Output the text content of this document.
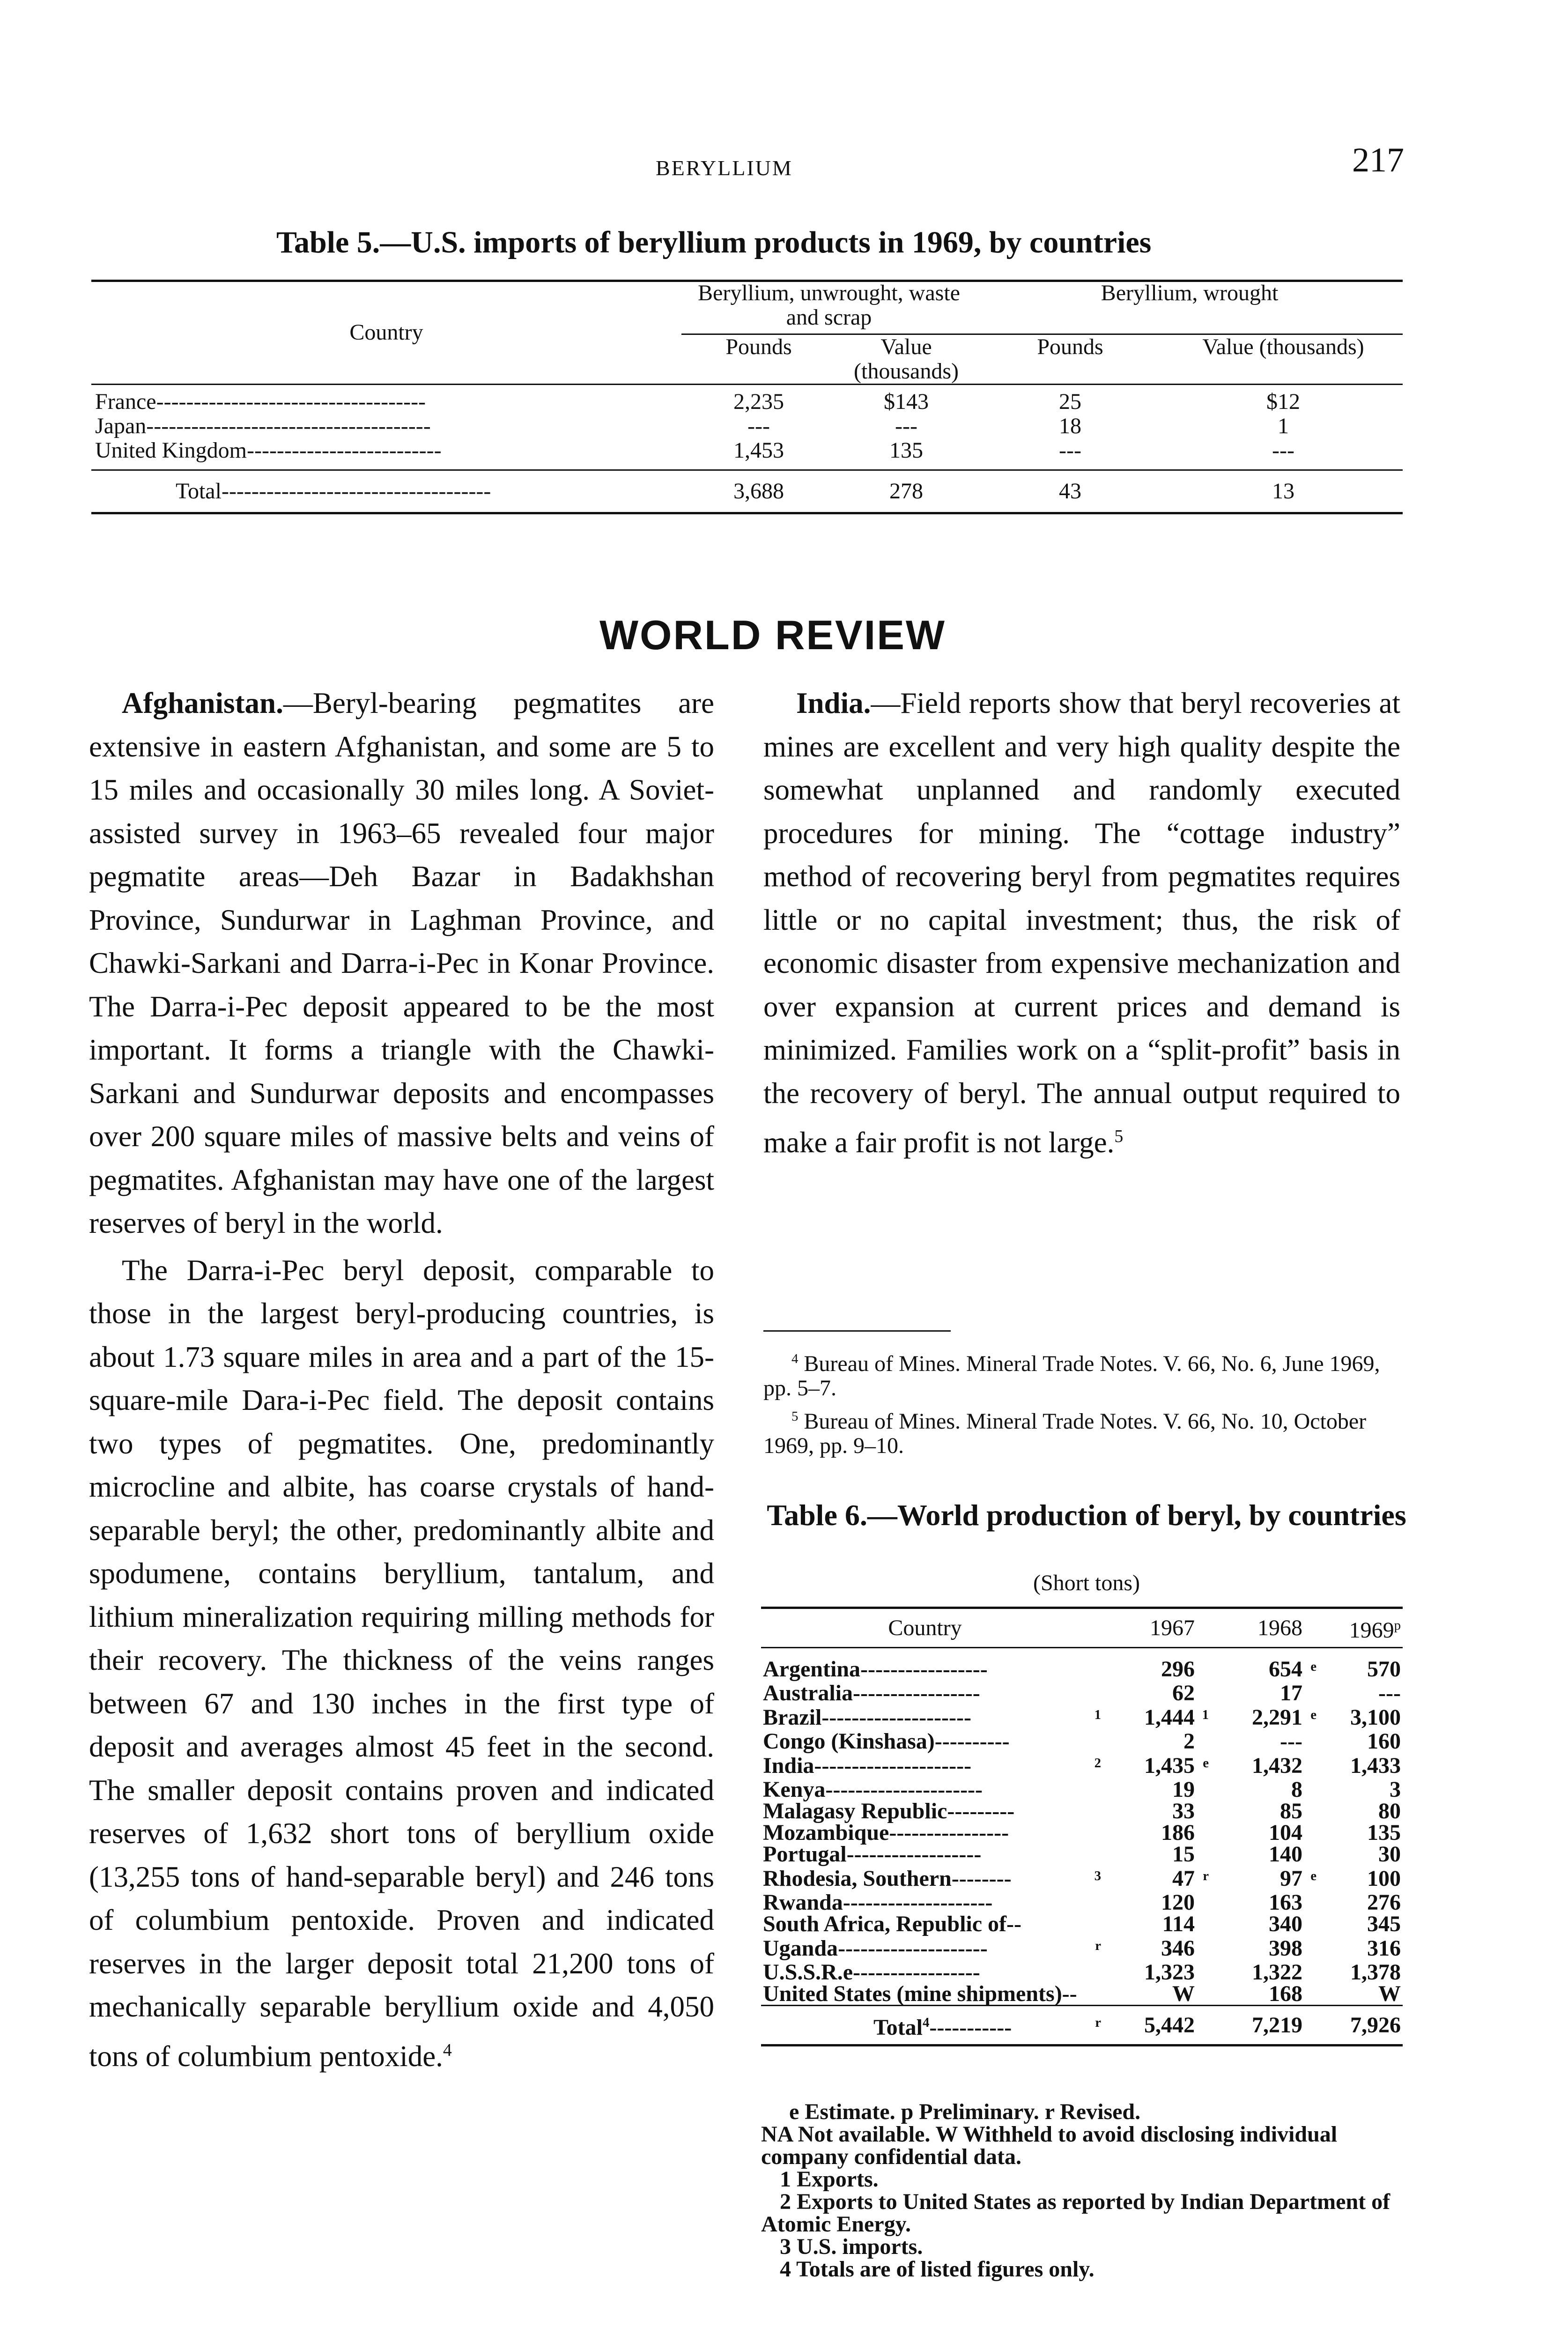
BERYLLIUM	217
Table 5.—U.S. imports of beryllium products in 1969, by countries
Country	Beryllium, unwrought, waste and scrap		Beryllium, wrought	
	Pounds	Value (thousands)	Pounds	Value (thousands)
France------------------------------------	2,235	$143	25	$12
Japan--------------------------------------	---	---	18	1
United Kingdom--------------------------	1,453	135	---	---
Total------------------------------------	3,688	278	43	13
WORLD REVIEW

Afghanistan.—Beryl-bearing pegmatites are extensive in eastern Afghanistan, and some are 5 to 15 miles and occasionally 30 miles long. A Soviet-assisted survey in 1963–65 revealed four major pegmatite areas—Deh Bazar in Badakhshan Province, Sundurwar in Laghman Province, and Chawki-Sarkani and Darra-i-Pec in Konar Province. The Darra-i-Pec deposit appeared to be the most important. It forms a triangle with the Chawki-Sarkani and Sundurwar deposits and encompasses over 200 square miles of massive belts and veins of pegmatites. Afghanistan may have one of the largest reserves of beryl in the world.

The Darra-i-Pec beryl deposit, comparable to those in the largest beryl-producing countries, is about 1.73 square miles in area and a part of the 15-square-mile Dara-i-Pec field. The deposit contains two types of pegmatites. One, predominantly microcline and albite, has coarse crystals of hand-separable beryl; the other, predominantly albite and spodumene, contains beryllium, tantalum, and lithium mineralization requiring milling methods for their recovery. The thickness of the veins ranges between 67 and 130 inches in the first type of deposit and averages almost 45 feet in the second. The smaller deposit contains proven and indicated reserves of 1,632 short tons of beryllium oxide (13,255 tons of hand-separable beryl) and 246 tons of columbium pentoxide. Proven and indicated reserves in the larger deposit total 21,200 tons of mechanically separable beryllium oxide and 4,050 tons of columbium pentoxide.$^4$

India.—Field reports show that beryl recoveries at mines are excellent and very high quality despite the somewhat unplanned and randomly executed procedures for mining. The “cottage industry” method of recovering beryl from pegmatites requires little or no capital investment; thus, the risk of economic disaster from expensive mechanization and over expansion at current prices and demand is minimized. Families work on a “split-profit” basis in the recovery of beryl. The annual output required to make a fair profit is not large.$^5$

$^4$ Bureau of Mines. Mineral Trade Notes. V. 66, No. 6, June 1969, pp. 5–7.

$^5$ Bureau of Mines. Mineral Trade Notes. V. 66, No. 10, October 1969, pp. 9–10.

Table 6.—World production of beryl, by countries
(Short tons)
Country	1967		1968		1969$^p$
Argentina-----------------		296		654	$^e$	570
Australia-----------------		62		17		---
Brazil--------------------	$^1$	1,444	$^1$	2,291	$^e$	3,100
Congo (Kinshasa)----------		2		---		160
India---------------------	$^2$	1,435	$^e$	1,432		1,433
Kenya---------------------		19		8		3
Malagasy Republic---------		33		85		80
Mozambique----------------		186		104		135
Portugal------------------		15		140		30
Rhodesia, Southern--------	$^3$	47	$^r$	97	$^e$	100
Rwanda--------------------		120		163		276
South Africa, Republic of--		114		340		345
Uganda--------------------	$^r$	346		398		316
U.S.S.R.e-----------------		1,323		1,322		1,378
United States (mine shipments)--		W		168		W
Total$^4$-----------	$^r$	5,442		7,219		7,926
e Estimate. p Preliminary. r Revised.
NA Not available. W Withheld to avoid disclosing individual company confidential data.
1 Exports.
2 Exports to United States as reported by Indian Department of Atomic Energy.
3 U.S. imports.
4 Totals are of listed figures only.
